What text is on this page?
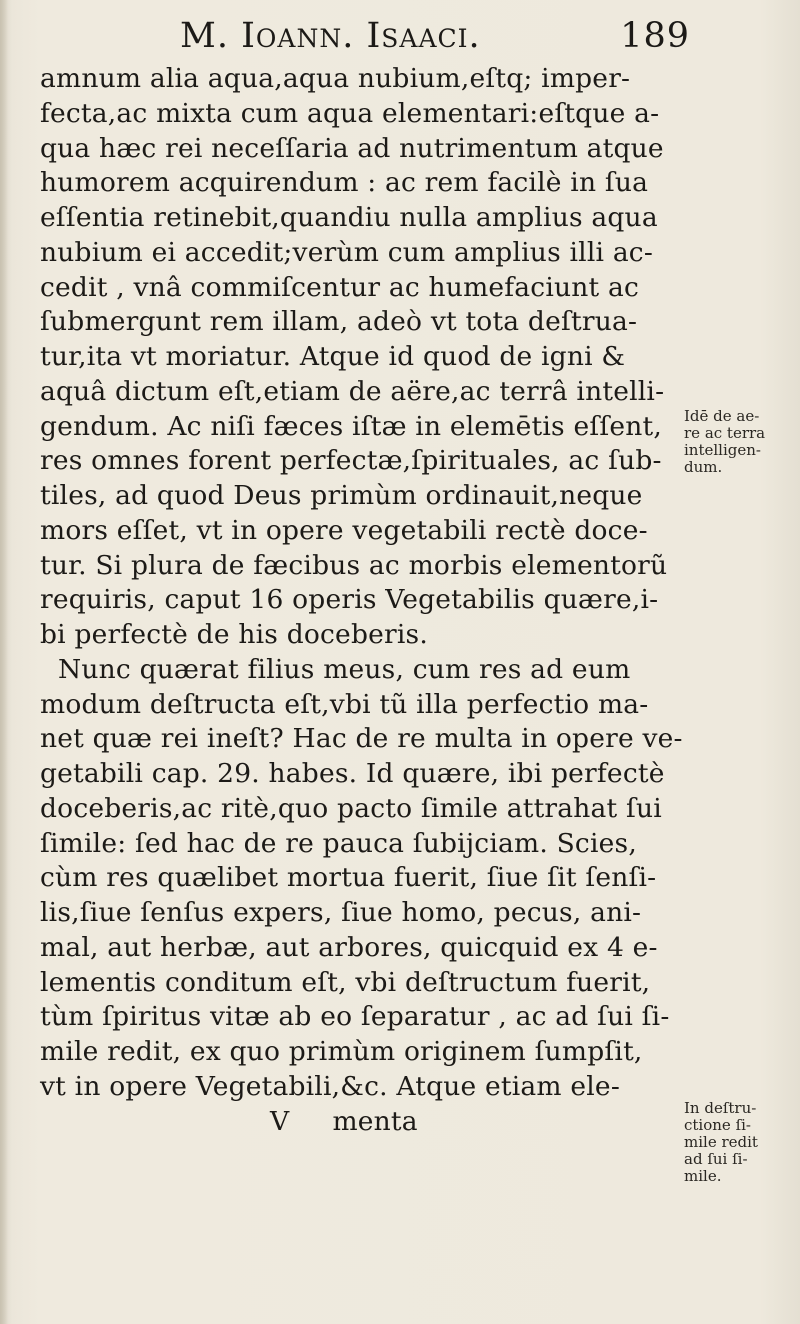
M. Ioann. Isaaci.	189
amnum alia aqua,aqua nubium,eſtq; imper-
fecta,ac mixta cum aqua elementari:eſtque a-
qua hæc rei neceſſaria ad nutrimentum atque
humorem acquirendum : ac rem facilè in ſua
eſſentia retinebit,quandiu nulla amplius aqua
nubium ei accedit;verùm cum amplius illi ac-
cedit , vnâ commiſcentur ac humefaciunt ac
ſubmergunt rem illam, adeò vt tota deſtrua-
tur,ita vt moriatur. Atque id quod de igni &
aquâ dictum eſt,etiam de aëre,ac terrâ intelli-
gendum. Ac niſi fæces iſtæ in elemētis eſſent,
res omnes forent perfectæ,ſpirituales, ac ſub-
tiles, ad quod Deus primùm ordinauit,neque
mors eſſet, vt in opere vegetabili rectè doce-
tur. Si plura de fæcibus ac morbis elementorũ
requiris, caput 16 operis Vegetabilis quære,i-
bi perfectè de his doceberis.
Nunc quærat filius meus, cum res ad eum
modum deſtructa eſt,vbi tũ illa perfectio ma-
net quæ rei ineſt? Hac de re multa in opere ve-
getabili cap. 29. habes. Id quære, ibi perfectè
doceberis,ac ritè,quo pacto ſimile attrahat ſui
ſimile: ſed hac de re pauca ſubijciam. Scies,
cùm res quælibet mortua fuerit, ſiue ſit ſenſi-
lis,ſiue ſenſus expers, ſiue homo, pecus, ani-
mal, aut herbæ, aut arbores, quicquid ex 4 e-
lementis conditum eſt, vbi deſtructum fuerit,
tùm ſpiritus vitæ ab eo ſeparatur , ac ad ſui ſi-
mile redit, ex quo primùm originem ſumpſit,
vt in opere Vegetabili,&c. Atque etiam ele-
V     menta
Idē de ae-
re ac terra
intelligen-
dum.
In deſtru-
ctione ſi-
mile redit
ad ſui ſi-
mile.
